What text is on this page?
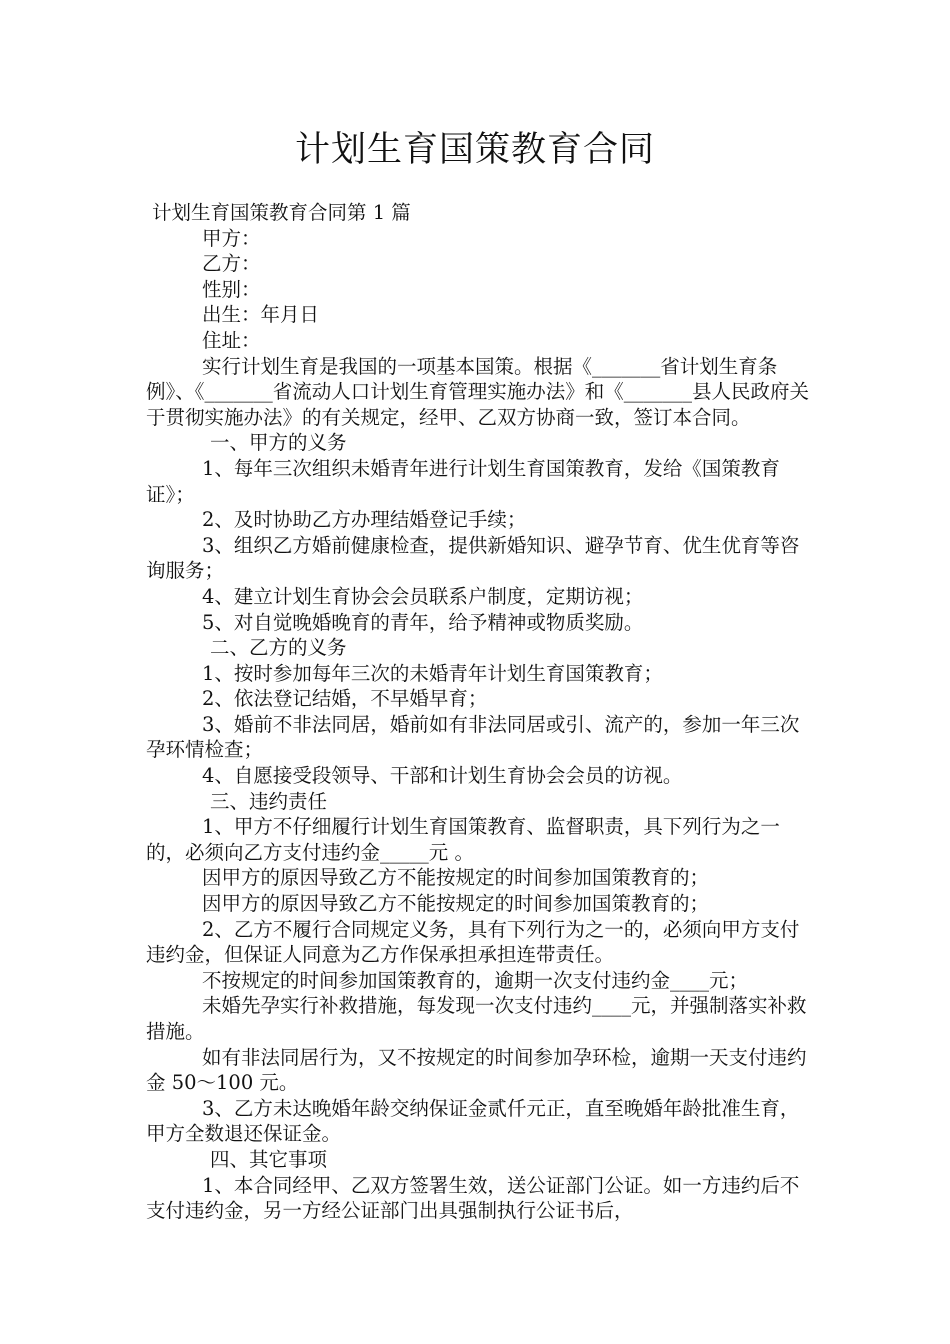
计划生育国策教育合同

计划生育国策教育合同第 1 篇

甲方：

乙方：

性别：

出生：年月日

住址：

实行计划生育是我国的一项基本国策。根据《_______省计划生育条例》、《_______省流动人口计划生育管理实施办法》和《_______县人民政府关于贯彻实施办法》的有关规定，经甲、乙双方协商一致，签订本合同。

一、甲方的义务

1、每年三次组织未婚青年进行计划生育国策教育，发给《国策教育证》；

2、及时协助乙方办理结婚登记手续；

3、组织乙方婚前健康检查，提供新婚知识、避孕节育、优生优育等咨询服务；

4、建立计划生育协会会员联系户制度，定期访视；

5、对自觉晚婚晚育的青年，给予精神或物质奖励。

二、乙方的义务

1、按时参加每年三次的未婚青年计划生育国策教育；

2、依法登记结婚，不早婚早育；

3、婚前不非法同居，婚前如有非法同居或引、流产的，参加一年三次孕环情检查；

4、自愿接受段领导、干部和计划生育协会会员的访视。

三、违约责任

1、甲方不仔细履行计划生育国策教育、监督职责，具下列行为之一的，必须向乙方支付违约金_____元 。

因甲方的原因导致乙方不能按规定的时间参加国策教育的；

因甲方的原因导致乙方不能按规定的时间参加国策教育的；

2、乙方不履行合同规定义务，具有下列行为之一的，必须向甲方支付违约金，但保证人同意为乙方作保承担承担连带责任。

不按规定的时间参加国策教育的，逾期一次支付违约金____元；

未婚先孕实行补救措施，每发现一次支付违约____元，并强制落实补救措施。

如有非法同居行为，又不按规定的时间参加孕环检，逾期一天支付违约金 50～100 元。

3、乙方未达晚婚年龄交纳保证金贰仟元正，直至晚婚年龄批准生育，甲方全数退还保证金。

四、其它事项

1、本合同经甲、乙双方签署生效，送公证部门公证。如一方违约后不支付违约金，另一方经公证部门出具强制执行公证书后，
